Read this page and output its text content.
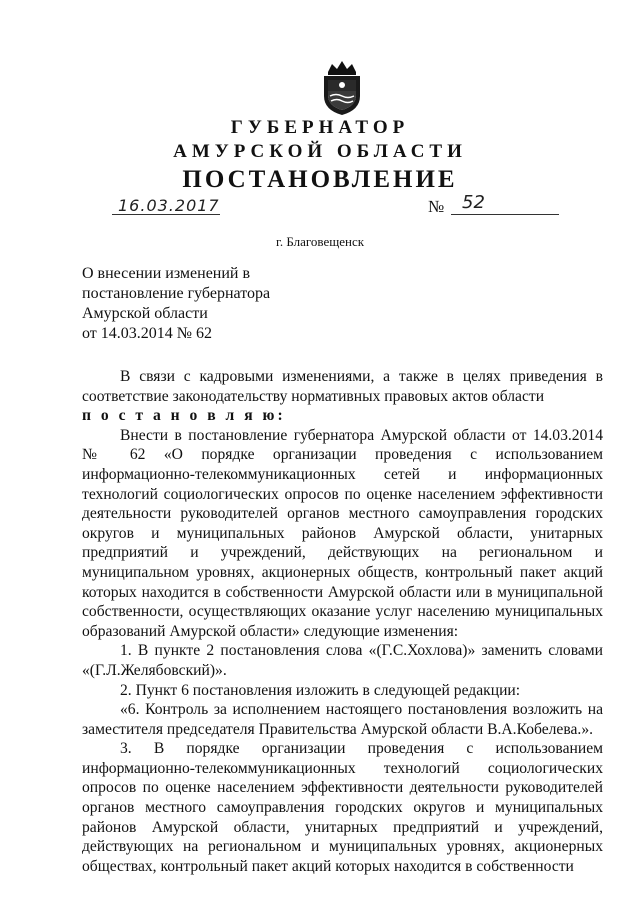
ГУБЕРНАТОР
АМУРСКОЙ ОБЛАСТИ
ПОСТАНОВЛЕНИЕ
16.03.2017	№ 52
г. Благовещенск
О внесении изменений в
постановление губернатора
Амурской области
от 14.03.2014 № 62

В связи с кадровыми изменениями, а также в целях приведения в соответствие законодательству нормативных правовых актов области

п о с т а н о в л я ю:

Внести в постановление губернатора Амурской области от 14.03.2014 № 62 «О порядке организации проведения с использованием информационно-телекоммуникационных сетей и информационных технологий социологических опросов по оценке населением эффективности деятельности руководителей органов местного самоуправления городских округов и муниципальных районов Амурской области, унитарных предприятий и учреждений, действующих на региональном и муниципальном уровнях, акционерных обществ, контрольный пакет акций которых находится в собственности Амурской области или в муниципальной собственности, осуществляющих оказание услуг населению муниципальных образований Амурской области» следующие изменения:

1. В пункте 2 постановления слова «(Г.С.Хохлова)» заменить словами «(Г.Л.Желябовский)».

2. Пункт 6 постановления изложить в следующей редакции:

«6. Контроль за исполнением настоящего постановления возложить на заместителя председателя Правительства Амурской области В.А.Кобелева.».

3. В порядке организации проведения с использованием информационно-телекоммуникационных технологий социологических опросов по оценке населением эффективности деятельности руководителей органов местного самоуправления городских округов и муниципальных районов Амурской области, унитарных предприятий и учреждений, действующих на региональном и муниципальных уровнях, акционерных обществах, контрольный пакет акций которых находится в собственности
